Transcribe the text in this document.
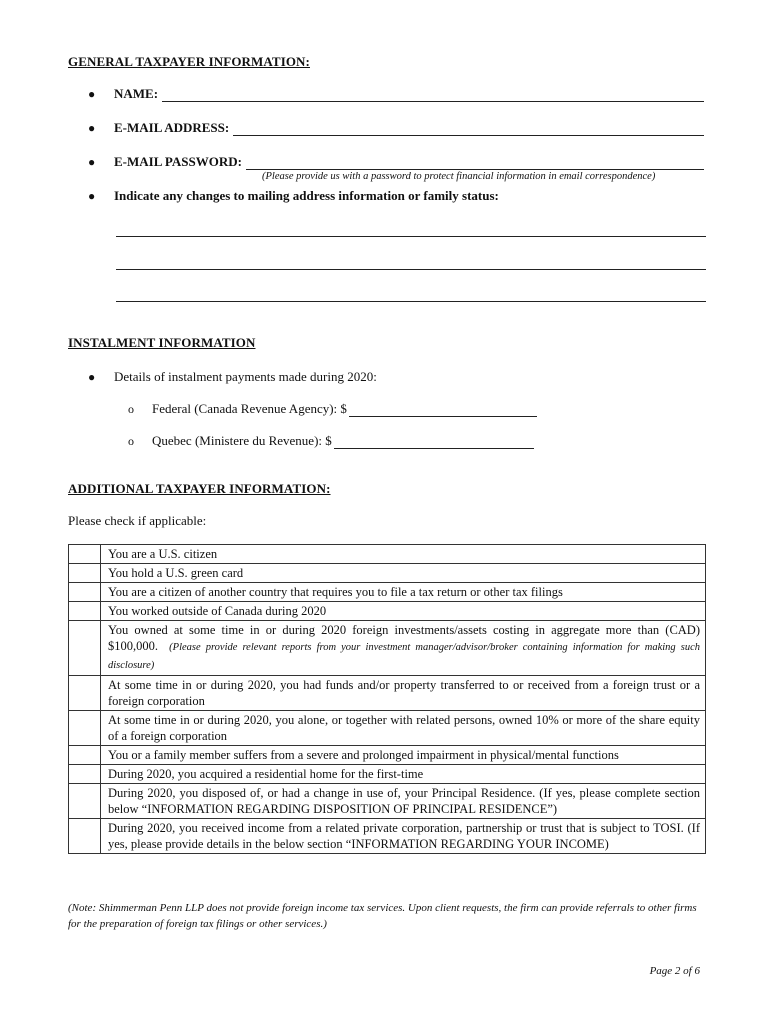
GENERAL TAXPAYER INFORMATION:
●	NAME:
●	E-MAIL ADDRESS:
●	E-MAIL PASSWORD:
(Please provide us with a password to protect financial information in email correspondence)
●	Indicate any changes to mailing address information or family status:
INSTALMENT INFORMATION
●	Details of instalment payments made during 2020:
o	Federal (Canada Revenue Agency): $
o	Quebec (Ministere du Revenue): $
ADDITIONAL TAXPAYER INFORMATION:
Please check if applicable:
	You are a U.S. citizen
	You hold a U.S. green card
	You are a citizen of another country that requires you to file a tax return or other tax filings
	You worked outside of Canada during 2020
	You owned at some time in or during 2020 foreign investments/assets costing in aggregate more than (CAD) $100,000. (Please provide relevant reports from your investment manager/advisor/broker containing information for making such disclosure)
	At some time in or during 2020, you had funds and/or property transferred to or received from a foreign trust or a foreign corporation
	At some time in or during 2020, you alone, or together with related persons, owned 10% or more of the share equity of a foreign corporation
	You or a family member suffers from a severe and prolonged impairment in physical/mental functions
	During 2020, you acquired a residential home for the first-time
	During 2020, you disposed of, or had a change in use of, your Principal Residence. (If yes, please complete section below “INFORMATION REGARDING DISPOSITION OF PRINCIPAL RESIDENCE”)
	During 2020, you received income from a related private corporation, partnership or trust that is subject to TOSI. (If yes, please provide details in the below section “INFORMATION REGARDING YOUR INCOME)
(Note: Shimmerman Penn LLP does not provide foreign income tax services. Upon client requests, the firm can provide referrals to other firms for the preparation of foreign tax filings or other services.)
Page 2 of 6
